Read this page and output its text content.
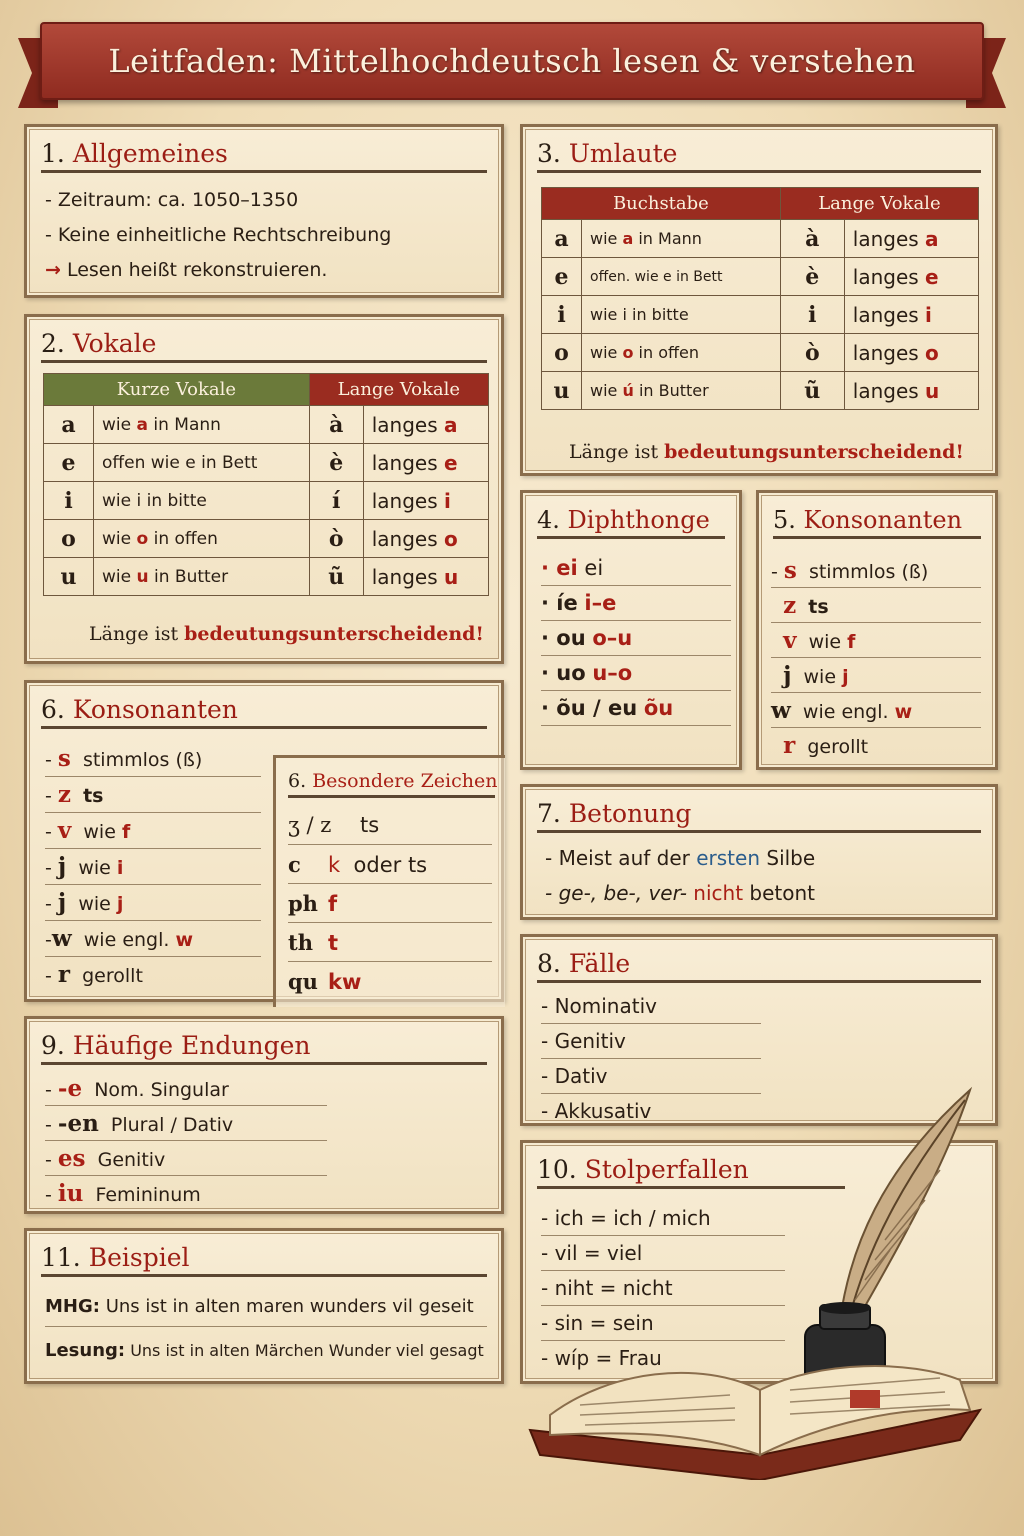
Leitfaden: Mittelhochdeutsch lesen & verstehen
1. Allgemeines
- Zeitraum: ca. 1050–1350
- Keine einheitliche Rechtschreibung
→ Lesen heißt rekonstruieren.
2. Vokale
Kurze Vokale		Lange Vokale	
a	wie a in Mann	à	langes a
e	offen wie e in Bett	è	langes e
i	wie i in bitte	í	langes i
o	wie o in offen	ò	langes o
u	wie u in Butter	ũ	langes u
Länge ist bedeutungsunterscheidend!
3. Umlaute
Buchstabe		Lange Vokale	
a	wie a in Mann	à	langes a
e	offen. wie e in Bett	è	langes e
i	wie i in bitte	i	langes i
o	wie o in offen	ò	langes o
u	wie ú in Butter	ũ	langes u
Länge ist bedeutungsunterscheidend!
4. Diphthonge
· ei ei
· íe i–e
· ou o–u
· uo u–o
· õu / eu õu
5. Konsonanten
- s stimmlos (ß)
z ts
v wie f
j wie j
w wie engl. w
r gerollt
6. Konsonanten
- s stimmlos (ß)
- z ts
- v wie f
- j wie i
- j wie j
-w wie engl. w
- r gerollt
6. Besondere Zeichen
ʒ / z ts
c k oder ts
ph f
th t
qu kw
7. Betonung
- Meist auf der ersten Silbe
- ge-, be-, ver- nicht betont
8. Fälle
- Nominativ
- Genitiv
- Dativ
- Akkusativ
9. Häufige Endungen
- -e Nom. Singular
- -en Plural / Dativ
- es Genitiv
- iu Femininum
10. Stolperfallen
- ich = ich / mich
- vil = viel
- niht = nicht
- sin = sein
- wíp = Frau
11. Beispiel
MHG: Uns ist in alten maren wunders vil geseit
Lesung: Uns ist in alten Märchen Wunder viel gesagt
